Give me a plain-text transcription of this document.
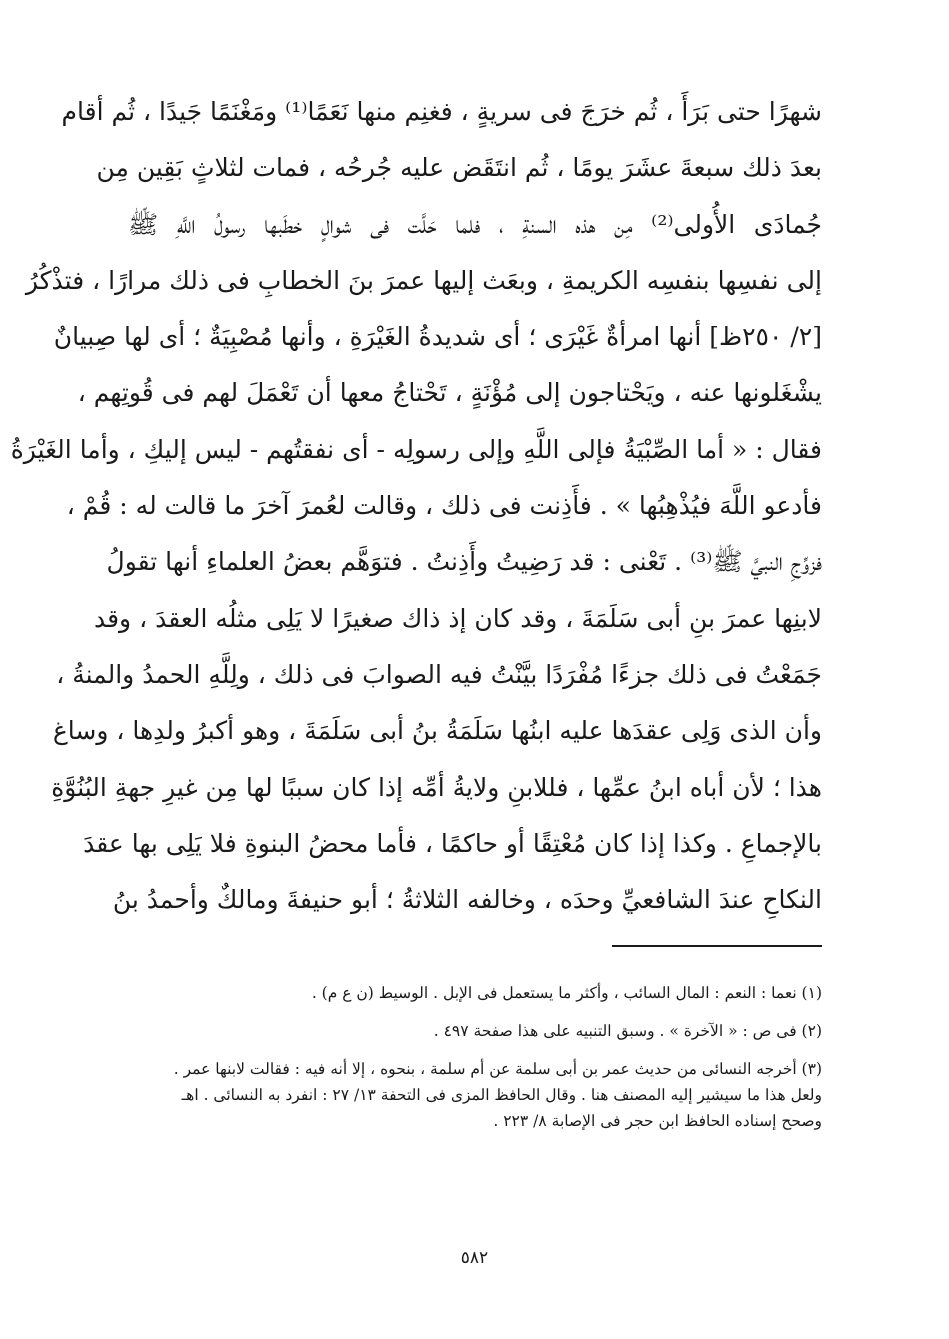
شهرًا حتى بَرَأَ ، ثُم خرَجَ فى سريةٍ ، فغنِم منها نَعَمًا⁽¹⁾ ومَغْنَمًا جَيدًا ، ثُم أقام
بعدَ ذلك سبعةَ عشَرَ يومًا ، ثُم انتَقَض عليه جُرحُه ، فمات لثلاثٍ بَقِين مِن
جُمادَى الأُولى⁽²⁾ مِن هذه السنةِ ، فلما حَلَّت فى شوالٍ خطَبها رسولُ اللَّهِ ﷺ
إلى نفسِها بنفسِه الكريمةِ ، وبعَث إليها عمرَ بنَ الخطابِ فى ذلك مرارًا ، فتذْكُرُ
[٢/ ٢٥٠ظ] أنها امرأةٌ غَيْرَى ؛ أى شديدةُ الغَيْرَةِ ، وأنها مُصْبِيَةٌ ؛ أى لها صِبيانٌ
يشْغَلونها عنه ، ويَحْتاجون إلى مُؤْنَةٍ ، تَحْتاجُ معها أن تَعْمَلَ لهم فى قُوتِهم ،
فقال : « أما الصِّبْيَةُ فإلى اللَّهِ وإلى رسولِه - أى نفقتُهم - ليس إليكِ ، وأما الغَيْرَةُ
فأدعو اللَّهَ فيُذْهِبُها » . فأَذِنت فى ذلك ، وقالت لعُمرَ آخرَ ما قالت له : قُمْ ،
فزوِّجِ النبيَّ ﷺ⁽³⁾ . تَعْنى : قد رَضِيتُ وأَذِنتُ . فتوَهَّم بعضُ العلماءِ أنها تقولُ
لابنِها عمرَ بنِ أبى سَلَمَةَ ، وقد كان إذ ذاك صغيرًا لا يَلِى مثلُه العقدَ ، وقد
جَمَعْتُ فى ذلك جزءًا مُفْرَدًا بيَّنْتُ فيه الصوابَ فى ذلك ، ولِلَّهِ الحمدُ والمنةُ ،
وأن الذى وَلِى عقدَها عليه ابنُها سَلَمَةُ بنُ أبى سَلَمَةَ ، وهو أكبرُ ولدِها ، وساغ
هذا ؛ لأن أباه ابنُ عمِّها ، فللابنِ ولايةُ أمِّه إذا كان سببًا لها مِن غيرِ جهةِ البُنُوَّةِ
بالإجماعِ . وكذا إذا كان مُعْتِقًا أو حاكمًا ، فأما محضُ البنوةِ فلا يَلِى بها عقدَ
النكاحِ عندَ الشافعيِّ وحدَه ، وخالفه الثلاثةُ ؛ أبو حنيفةَ ومالكٌ وأحمدُ بنُ
(١) نعما : النعم : المال السائب ، وأكثر ما يستعمل فى الإبل . الوسيط (ن ع م) .
(٢) فى ص : « الآخرة » . وسبق التنبيه على هذا صفحة ٤٩٧ .
(٣) أخرجه النسائى من حديث عمر بن أبى سلمة عن أم سلمة ، بنحوه ، إلا أنه فيه : فقالت لابنها عمر .
ولعل هذا ما سيشير إليه المصنف هنا . وقال الحافظ المزى فى التحفة ١٣/ ٢٧ : انفرد به النسائى . اهـ
وصحح إسناده الحافظ ابن حجر فى الإصابة ٨/ ٢٢٣ .
٥٨٢
